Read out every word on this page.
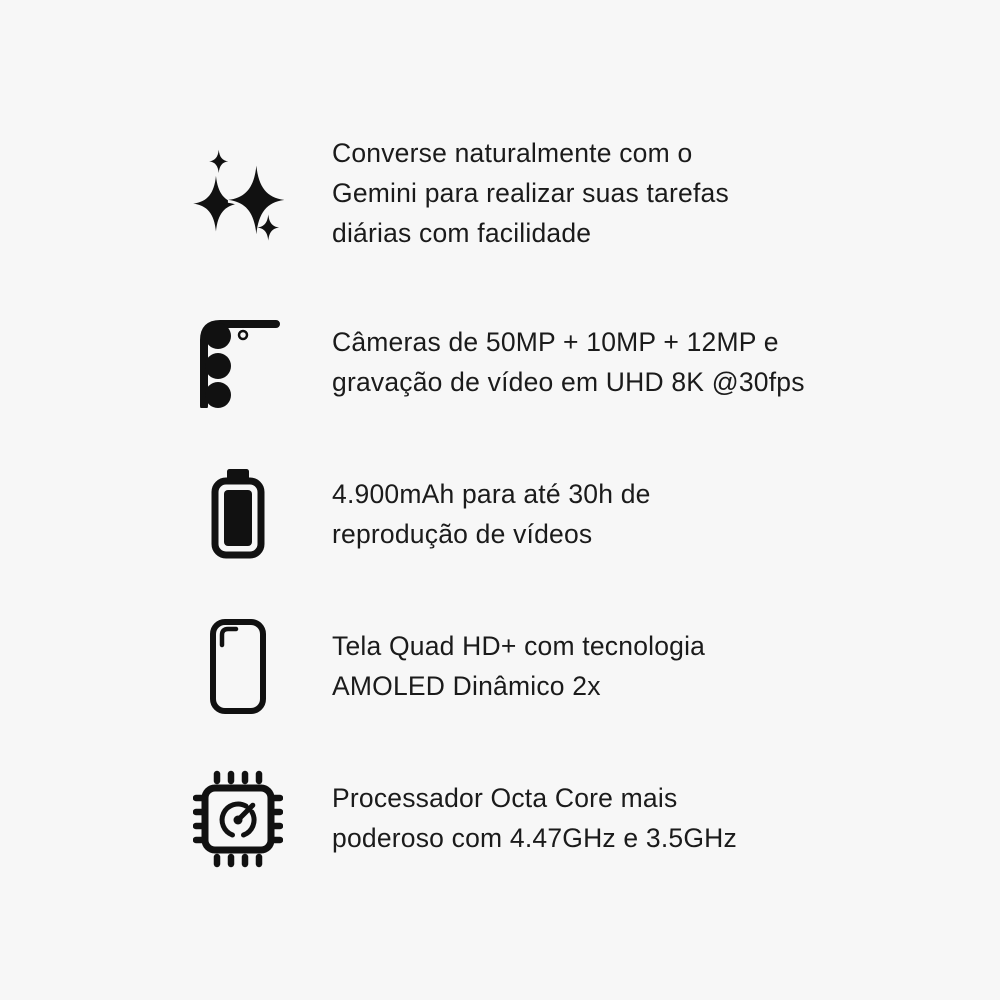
Converse naturalmente com o
Gemini para realizar suas tarefas
diárias com facilidade
Câmeras de 50MP + 10MP + 12MP e
gravação de vídeo em UHD 8K @30fps
4.900mAh para até 30h de
reprodução de vídeos
Tela Quad HD+ com tecnologia
AMOLED Dinâmico 2x
Processador Octa Core mais
poderoso com 4.47GHz e 3.5GHz
